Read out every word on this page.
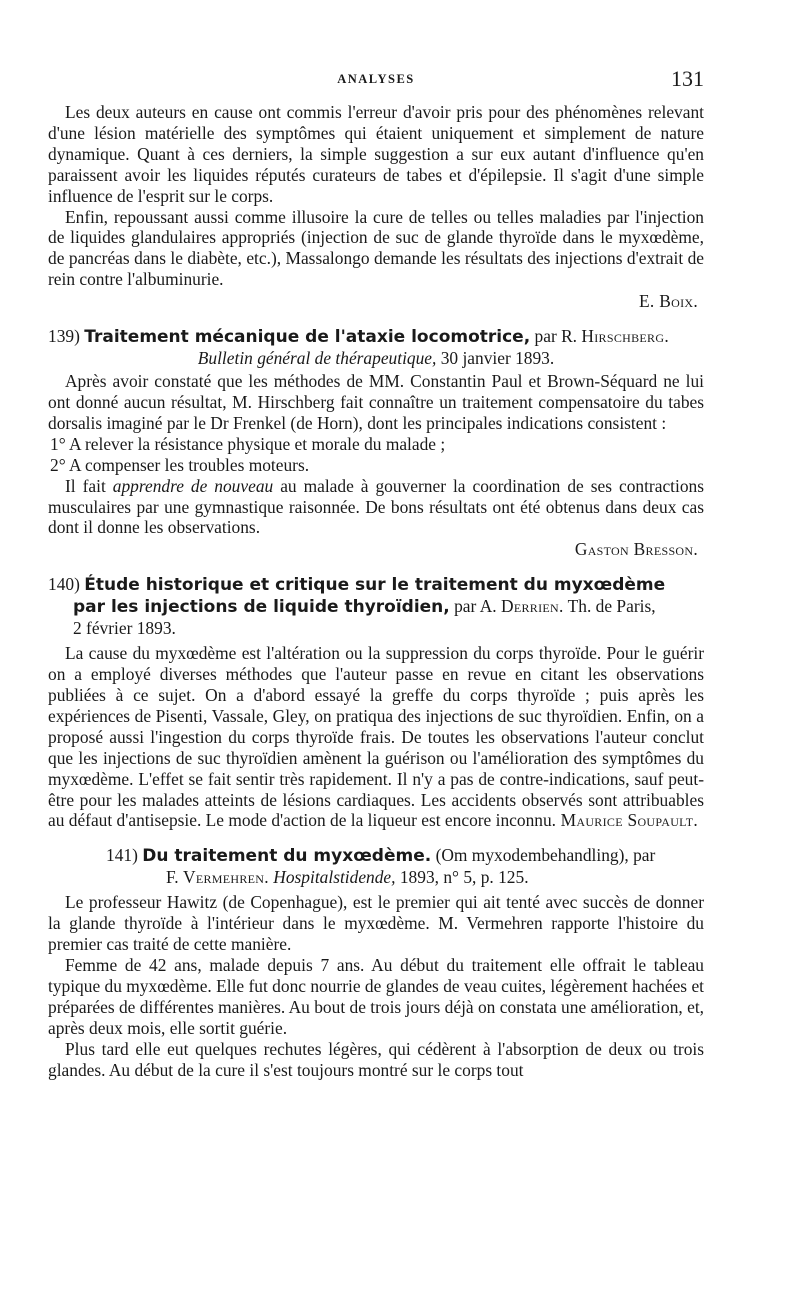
ANALYSES	131

Les deux auteurs en cause ont commis l'erreur d'avoir pris pour des phénomènes relevant d'une lésion matérielle des symptômes qui étaient uniquement et simplement de nature dynamique. Quant à ces derniers, la simple suggestion a sur eux autant d'influence qu'en paraissent avoir les liquides réputés curateurs de tabes et d'épilepsie. Il s'agit d'une simple influence de l'esprit sur le corps.

Enfin, repoussant aussi comme illusoire la cure de telles ou telles maladies par l'injection de liquides glandulaires appropriés (injection de suc de glande thyroïde dans le myxœdème, de pancréas dans le diabète, etc.), Massalongo demande les résultats des injections d'extrait de rein contre l'albuminurie.

E. Boix.

139) Traitement mécanique de l'ataxie locomotrice, par R. Hirschberg.

Bulletin général de thérapeutique, 30 janvier 1893.

Après avoir constaté que les méthodes de MM. Constantin Paul et Brown-Séquard ne lui ont donné aucun résultat, M. Hirschberg fait connaître un traitement compensatoire du tabes dorsalis imaginé par le Dr Frenkel (de Horn), dont les principales indications consistent :

1° A relever la résistance physique et morale du malade ;

2° A compenser les troubles moteurs.

Il fait apprendre de nouveau au malade à gouverner la coordination de ses contractions musculaires par une gymnastique raisonnée. De bons résultats ont été obtenus dans deux cas dont il donne les observations.

Gaston Bresson.

140) Étude historique et critique sur le traitement du myxœdème

par les injections de liquide thyroïdien, par A. Derrien. Th. de Paris,

2 février 1893.

La cause du myxœdème est l'altération ou la suppression du corps thyroïde. Pour le guérir on a employé diverses méthodes que l'auteur passe en revue en citant les observations publiées à ce sujet. On a d'abord essayé la greffe du corps thyroïde ; puis après les expériences de Pisenti, Vassale, Gley, on pratiqua des injections de suc thyroïdien. Enfin, on a proposé aussi l'ingestion du corps thyroïde frais. De toutes les observations l'auteur conclut que les injections de suc thyroïdien amènent la guérison ou l'amélioration des symptômes du myxœdème. L'effet se fait sentir très rapidement. Il n'y a pas de contre-indications, sauf peut-être pour les malades atteints de lésions cardiaques. Les accidents observés sont attribuables au défaut d'antisepsie. Le mode d'action de la liqueur est encore inconnu. Maurice Soupault.

141) Du traitement du myxœdème. (Om myxodembehandling), par

F. Vermehren. Hospitalstidende, 1893, n° 5, p. 125.

Le professeur Hawitz (de Copenhague), est le premier qui ait tenté avec succès de donner la glande thyroïde à l'intérieur dans le myxœdème. M. Vermehren rapporte l'histoire du premier cas traité de cette manière.

Femme de 42 ans, malade depuis 7 ans. Au début du traitement elle offrait le tableau typique du myxœdème. Elle fut donc nourrie de glandes de veau cuites, légèrement hachées et préparées de différentes manières. Au bout de trois jours déjà on constata une amélioration, et, après deux mois, elle sortit guérie.

Plus tard elle eut quelques rechutes légères, qui cédèrent à l'absorption de deux ou trois glandes. Au début de la cure il s'est toujours montré sur le corps tout
